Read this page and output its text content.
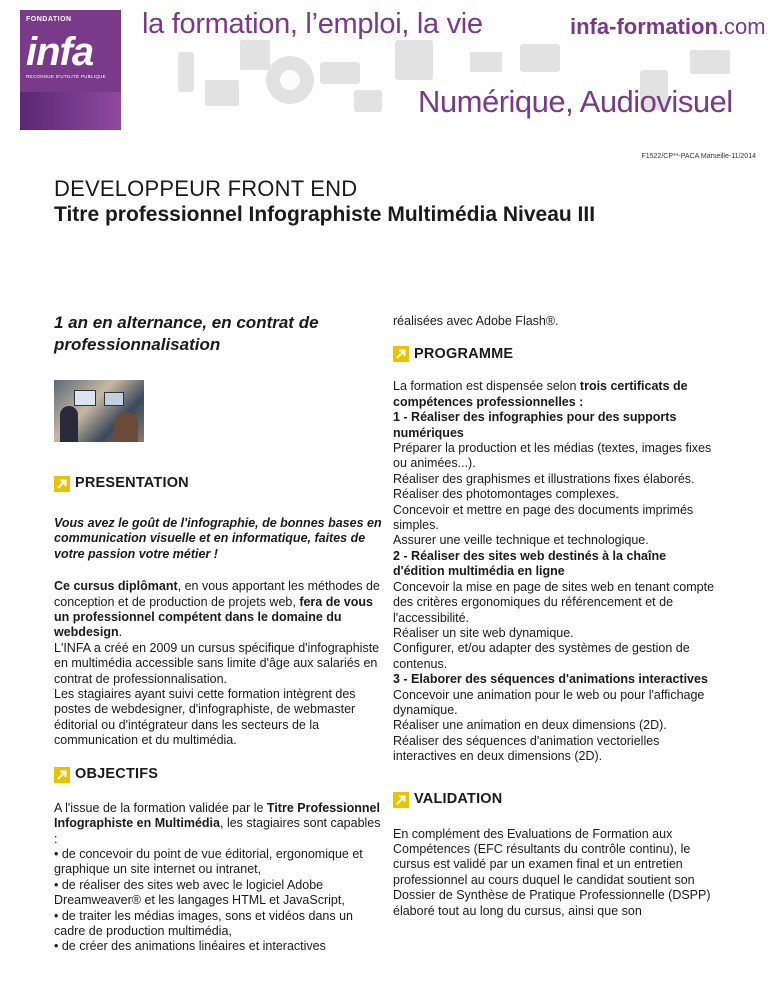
FONDATION
infa
RECONNUE D'UTILITÉ PUBLIQUE
la formation, l’emploi, la vie	infa-formation.com
Numérique, Audiovisuel
F1522/CP**-PACA Marseille-11/2014
DEVELOPPEUR FRONT END
Titre professionnel Infographiste Multimédia Niveau III
1 an en alternance, en contrat de professionnalisation
PRESENTATION
Vous avez le goût de l'infographie, de bonnes bases en communication visuelle et en informatique, faites de votre passion votre métier !
Ce cursus diplômant, en vous apportant les méthodes de conception et de production de projets web, fera de vous un professionnel compétent dans le domaine du webdesign.
L'INFA a créé en 2009 un cursus spécifique d'infographiste en multimédia accessible sans limite d'âge aux salariés en contrat de professionnalisation.
Les stagiaires ayant suivi cette formation intègrent des postes de webdesigner, d'infographiste, de webmaster éditorial ou d'intégrateur dans les secteurs de la communication et du multimédia.
OBJECTIFS
A l'issue de la formation validée par le Titre Professionnel Infographiste en Multimédia, les stagiaires sont capables :
• de concevoir du point de vue éditorial, ergonomique et graphique un site internet ou intranet,
• de réaliser des sites web avec le logiciel Adobe Dreamweaver® et les langages HTML et JavaScript,
• de traiter les médias images, sons et vidéos dans un cadre de production multimédia,
• de créer des animations linéaires et interactives
réalisées avec Adobe Flash®.
PROGRAMME
La formation est dispensée selon trois certificats de compétences professionnelles :
1 - Réaliser des infographies pour des supports numériques
Préparer la production et les médias (textes, images fixes ou animées...).
Réaliser des graphismes et illustrations fixes élaborés.
Réaliser des photomontages complexes.
Concevoir et mettre en page des documents imprimés simples.
Assurer une veille technique et technologique.
2 - Réaliser des sites web destinés à la chaîne d'édition multimédia en ligne
Concevoir la mise en page de sites web en tenant compte des critères ergonomiques du référencement et de l'accessibilité.
Réaliser un site web dynamique.
Configurer, et/ou adapter des systèmes de gestion de contenus.
3 - Elaborer des séquences d'animations interactives
Concevoir une animation pour le web ou pour l'affichage dynamique.
Réaliser une animation en deux dimensions (2D).
Réaliser des séquences d'animation vectorielles interactives en deux dimensions (2D).
VALIDATION
En complément des Evaluations de Formation aux Compétences (EFC résultants du contrôle continu), le cursus est validé par un examen final et un entretien professionnel au cours duquel le candidat soutient son Dossier de Synthèse de Pratique Professionnelle (DSPP) élaboré tout au long du cursus, ainsi que son
